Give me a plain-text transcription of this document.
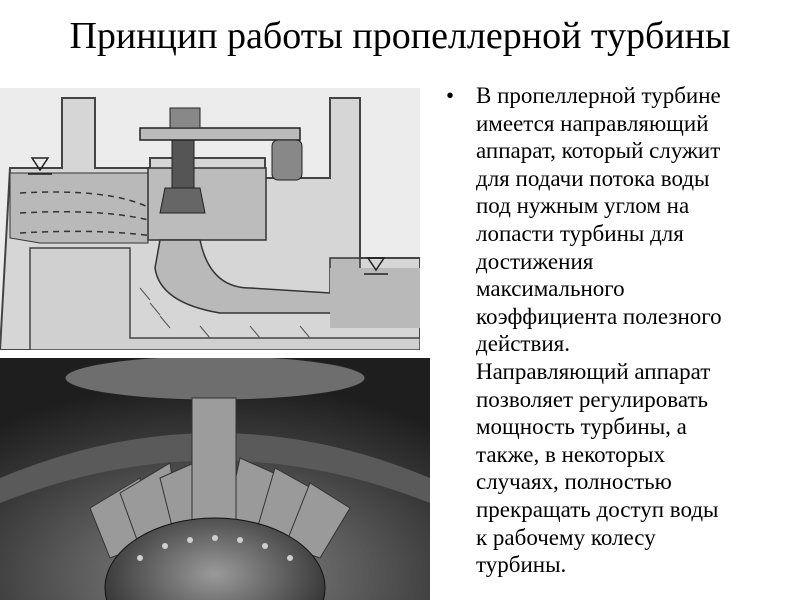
Принцип работы пропеллерной турбины
• В пропеллерной турбине
имеется направляющий
аппарат, который служит
для подачи потока воды
под нужным углом на
лопасти турбины для
достижения
максимального
коэффициента полезного
действия.
Направляющий аппарат
позволяет регулировать
мощность турбины, а
также, в некоторых
случаях, полностью
прекращать доступ воды
к рабочему колесу
турбины.
